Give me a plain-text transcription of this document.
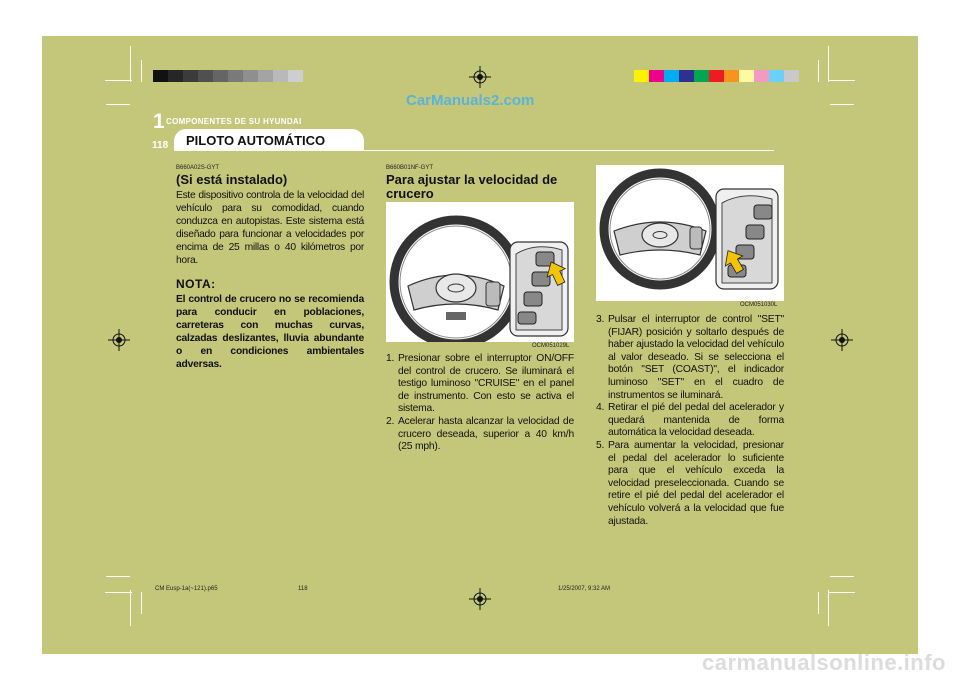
CarManuals2.com
1 COMPONENTES DE SU HYUNDAI
118 PILOTO AUTOMÁTICO

B660A02S-GYT

(Si está instalado)

Este dispositivo controla de la velocidad del vehículo para su comodidad, cuando conduzca en autopistas. Este sistema está diseñado para funcionar a velocidades por encima de 25 millas o 40 kilómetros por hora.

NOTA:

El control de crucero no se recomienda para conducir en poblaciones, carreteras con muchas curvas, calzadas deslizantes, lluvia abundante o en condiciones ambientales adversas.

B660B01NF-GYT

Para ajustar la velocidad de crucero

OCM051029L
1. Presionar sobre el interruptor ON/OFF del control de crucero. Se iluminará el testigo luminoso "CRUISE" en el panel de instrumento. Con esto se activa el sistema.
2. Acelerar hasta alcanzar la velocidad de crucero deseada, superior a 40 km/h (25 mph).
OCM051030L
3. Pulsar el interruptor de control "SET" (FIJAR) posición y soltarlo después de haber ajustado la velocidad del vehículo al valor deseado. Si se selecciona el botón "SET (COAST)", el indicador luminoso "SET" en el cuadro de instrumentos se iluminará.
4. Retirar el pié del pedal del acelerador y quedará mantenida de forma automática la velocidad deseada.
5. Para aumentar la velocidad, presionar el pedal del acelerador lo suficiente para que el vehículo exceda la velocidad preseleccionada. Cuando se retire el pié del pedal del acelerador el vehículo volverá a la velocidad que fue ajustada.
CM Eusp-1a(~121).p65	118	1/25/2007, 9:32 AM
carmanualsonline.info
